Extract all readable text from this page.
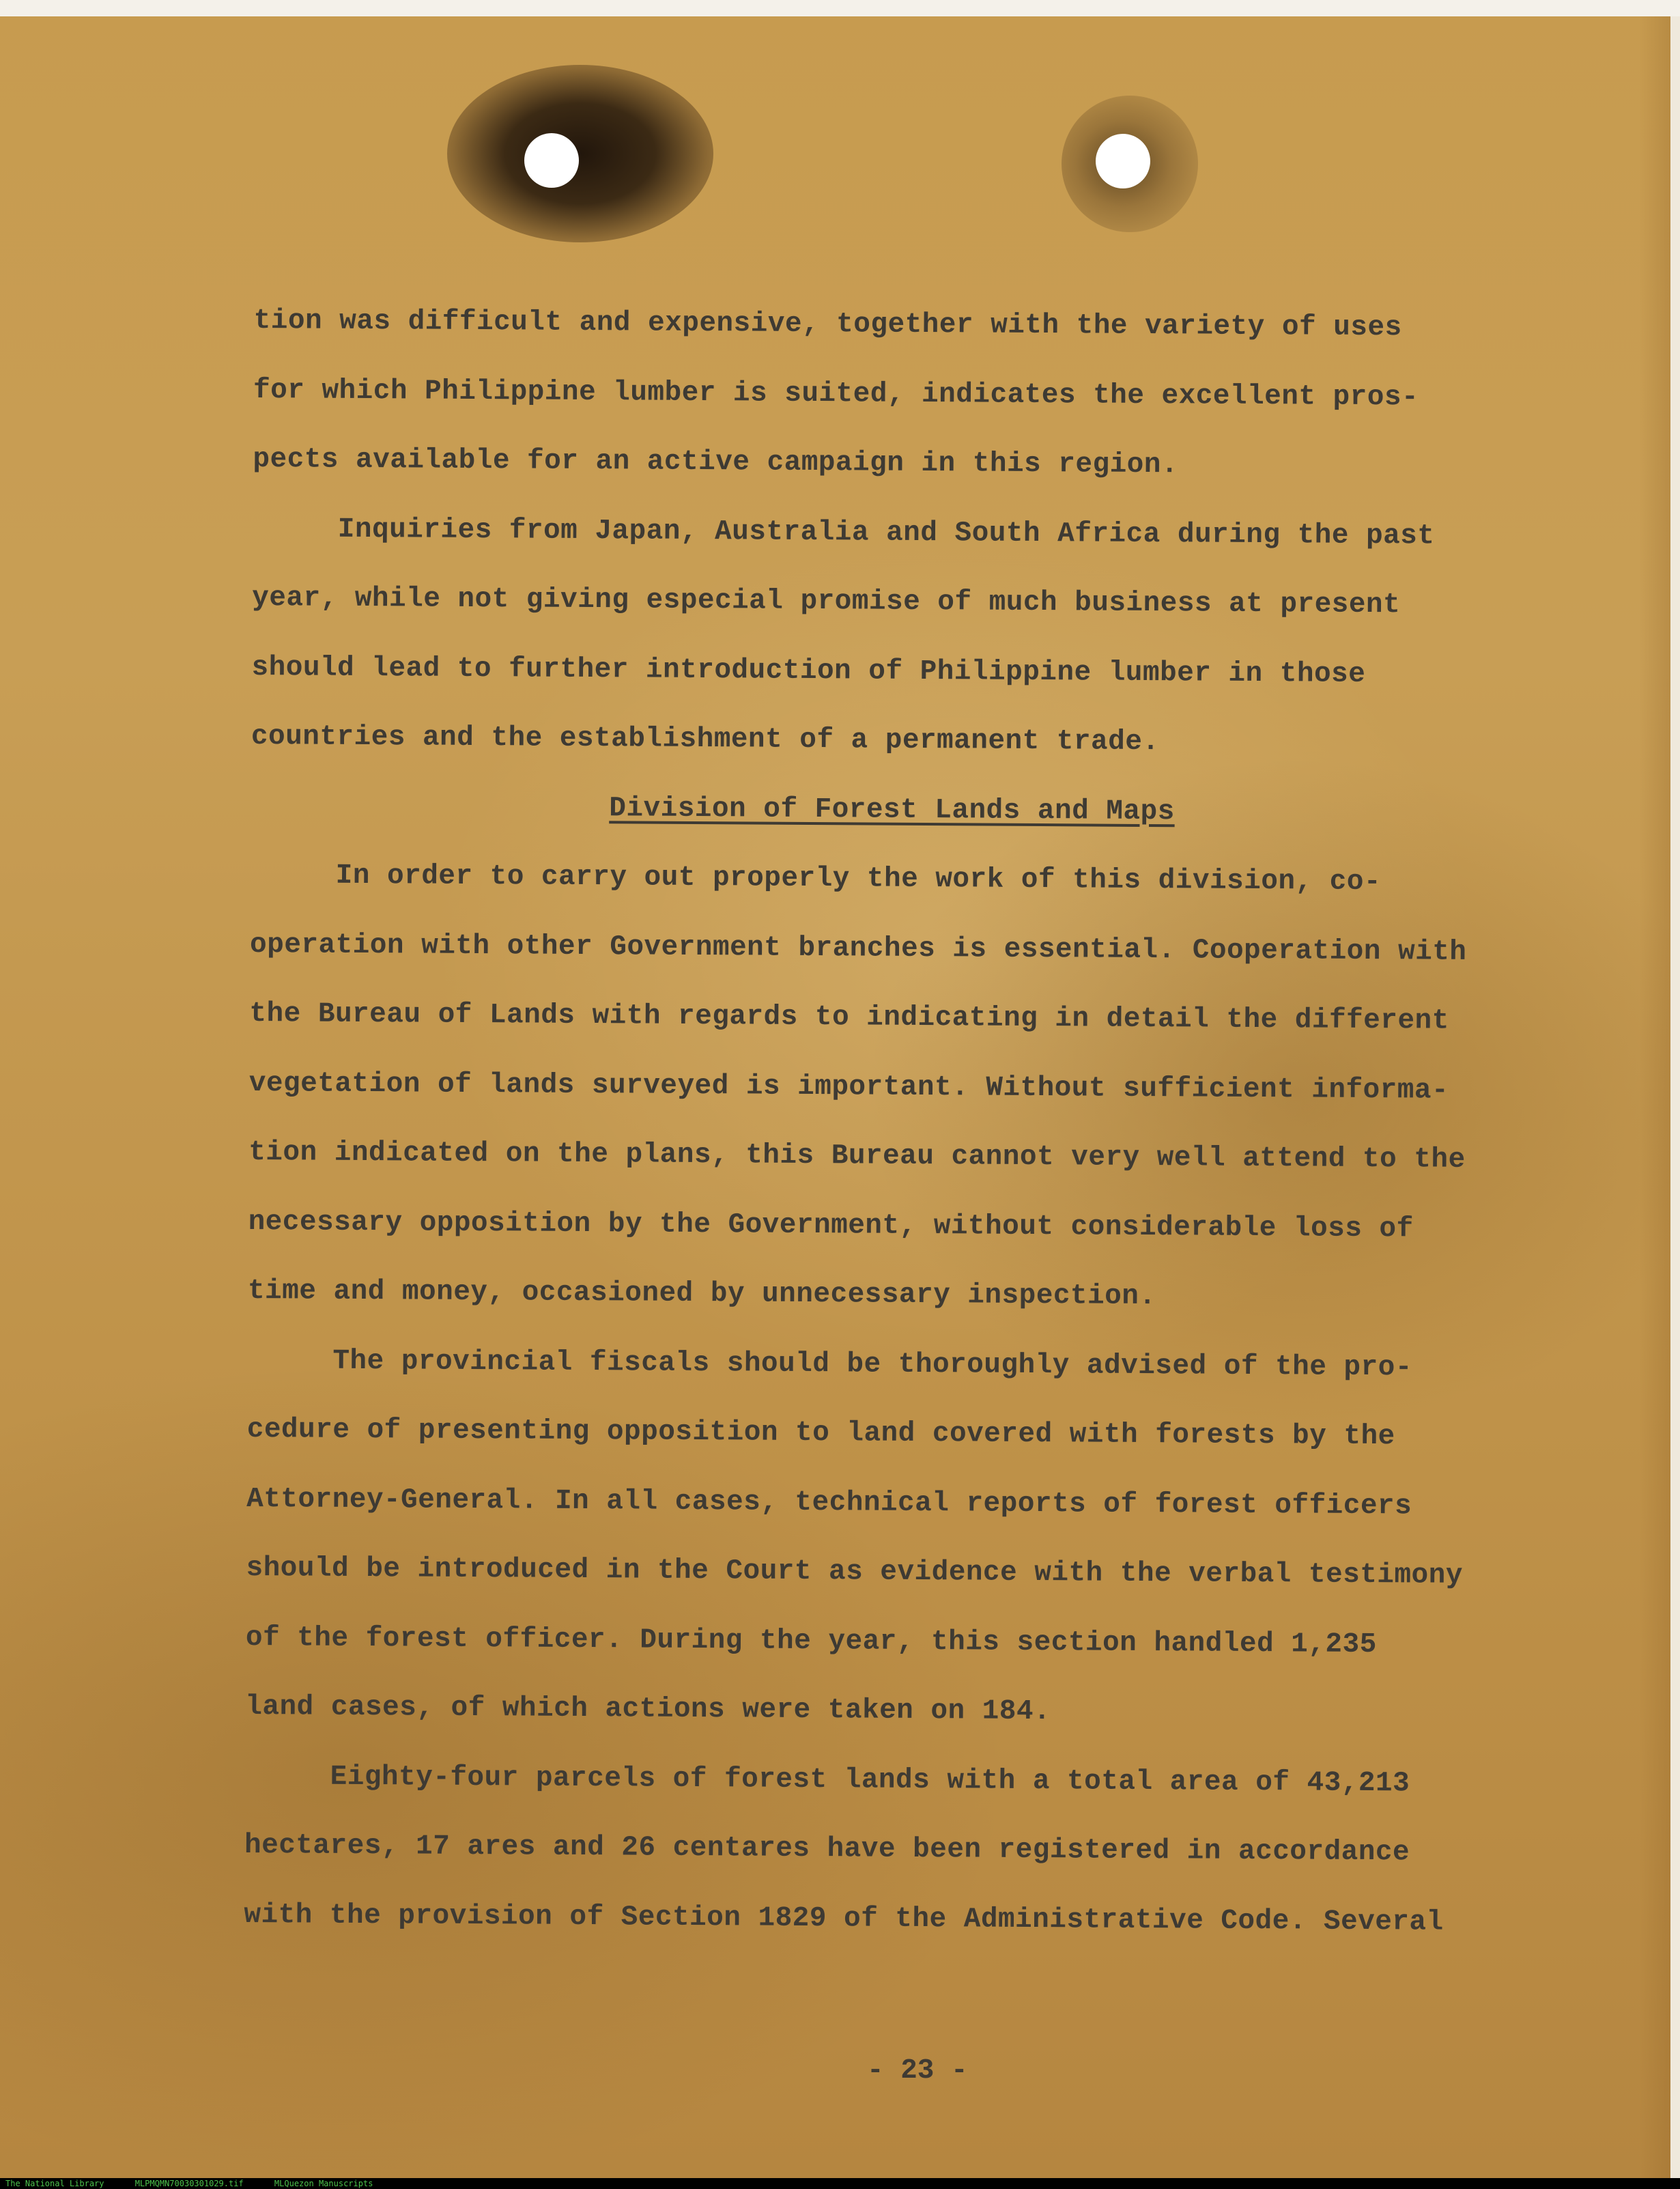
tion was difficult and expensive, together with the variety of uses
for which Philippine lumber is suited, indicates the excellent pros-
pects available for an active campaign in this region.
Inquiries from Japan, Australia and South Africa during the past
year, while not giving especial promise of much business at present
should lead to further introduction of Philippine lumber in those
countries and the establishment of a permanent trade.
Division of Forest Lands and Maps
In order to carry out properly the work of this division, co-
operation with other Government branches is essential. Cooperation with
the Bureau of Lands with regards to indicating in detail the different
vegetation of lands surveyed is important. Without sufficient informa-
tion indicated on the plans, this Bureau cannot very well attend to the
necessary opposition by the Government, without considerable loss of
time and money, occasioned by unnecessary inspection.
The provincial fiscals should be thoroughly advised of the pro-
cedure of presenting opposition to land covered with forests by the
Attorney-General. In all cases, technical reports of forest officers
should be introduced in the Court as evidence with the verbal testimony
of the forest officer. During the year, this section handled 1,235
land cases, of which actions were taken on 184.
Eighty-four parcels of forest lands with a total area of 43,213
hectares, 17 ares and 26 centares have been registered in accordance
with the provision of Section 1829 of the Administrative Code. Several
- 23 -
The National Library	MLPMQMN70030301029.tif	MLQuezon Manuscripts
